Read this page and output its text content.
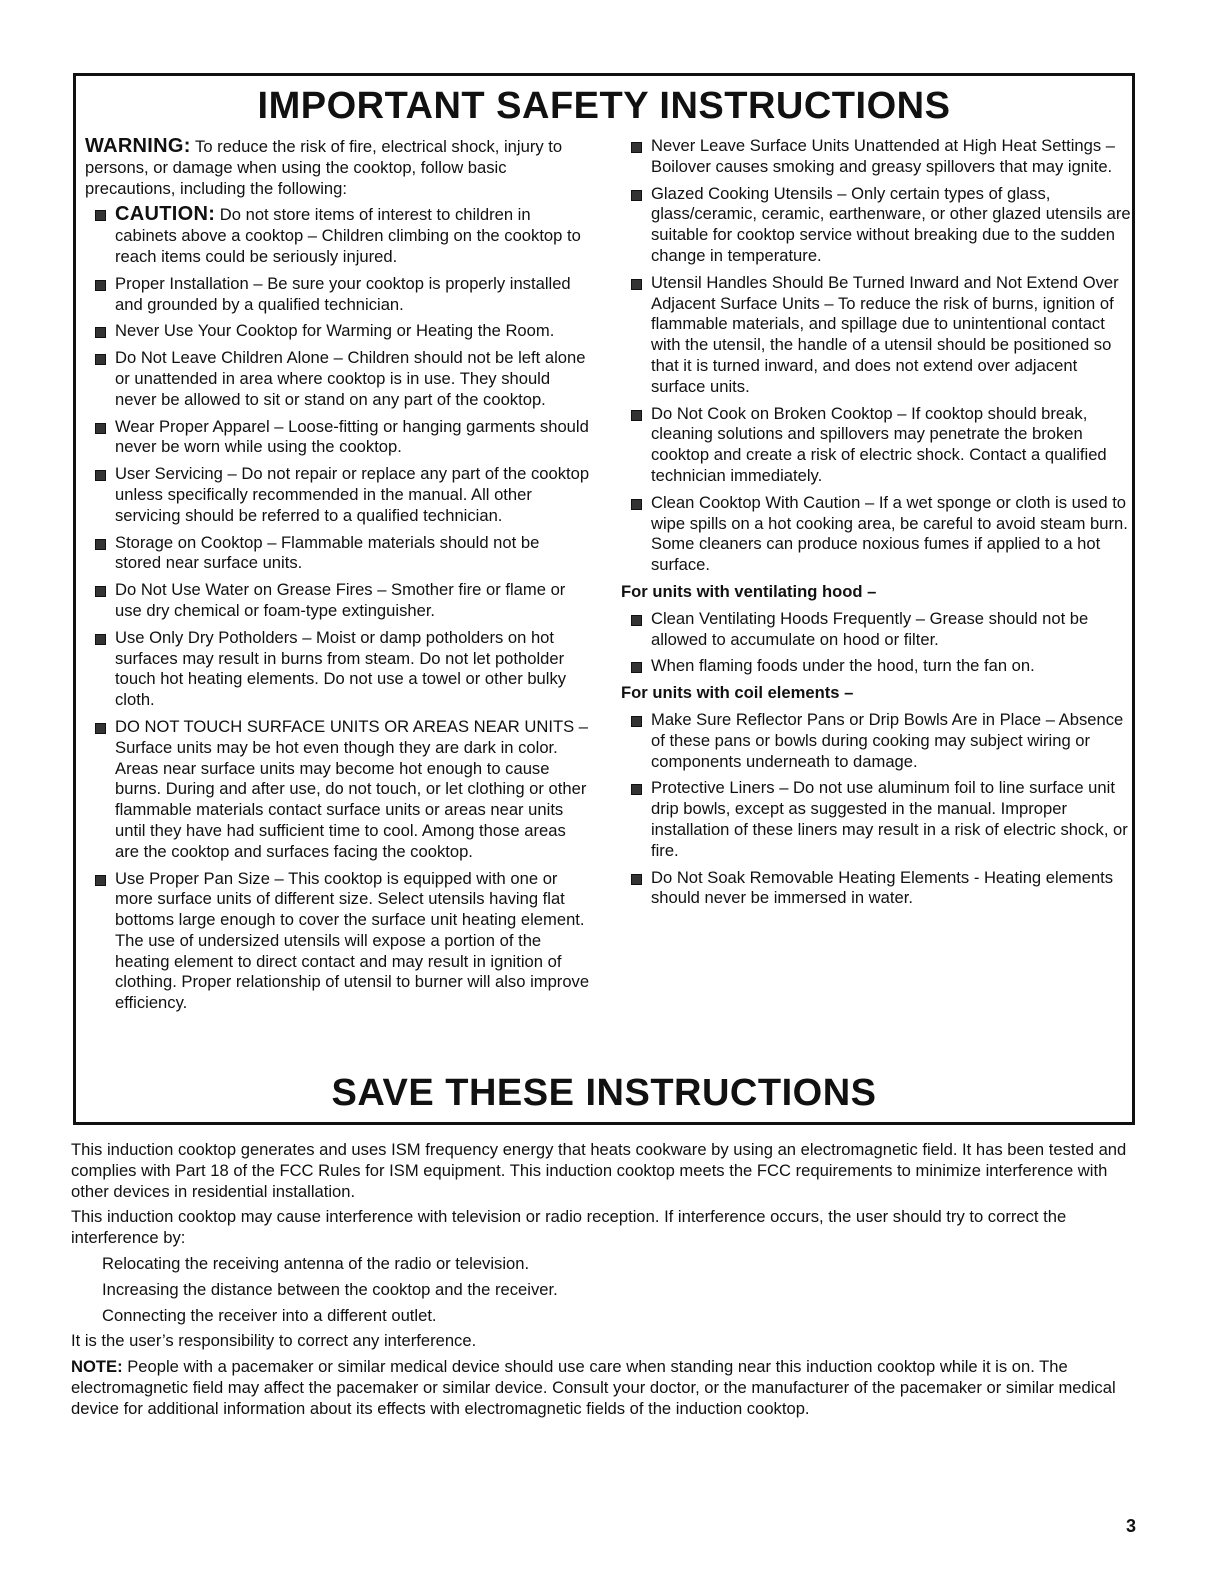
IMPORTANT SAFETY INSTRUCTIONS

WARNING: To reduce the risk of fire, electrical shock, injury to persons, or damage when using the cooktop, follow basic precautions, including the following:

CAUTION: Do not store items of interest to children in cabinets above a cooktop – Children climbing on the cooktop to reach items could be seriously injured.
Proper Installation – Be sure your cooktop is properly installed and grounded by a qualified technician.
Never Use Your Cooktop for Warming or Heating the Room.
Do Not Leave Children Alone – Children should not be left alone or unattended in area where cooktop is in use. They should never be allowed to sit or stand on any part of the cooktop.
Wear Proper Apparel – Loose-fitting or hanging garments should never be worn while using the cooktop.
User Servicing – Do not repair or replace any part of the cooktop unless specifically recommended in the manual. All other servicing should be referred to a qualified technician.
Storage on Cooktop – Flammable materials should not be stored near surface units.
Do Not Use Water on Grease Fires – Smother fire or flame or use dry chemical or foam-type extinguisher.
Use Only Dry Potholders – Moist or damp potholders on hot surfaces may result in burns from steam. Do not let potholder touch hot heating elements. Do not use a towel or other bulky cloth.
DO NOT TOUCH SURFACE UNITS OR AREAS NEAR UNITS – Surface units may be hot even though they are dark in color. Areas near surface units may become hot enough to cause burns. During and after use, do not touch, or let clothing or other flammable materials contact surface units or areas near units until they have had sufficient time to cool. Among those areas are the cooktop and surfaces facing the cooktop.
Use Proper Pan Size – This cooktop is equipped with one or more surface units of different size. Select utensils having flat bottoms large enough to cover the surface unit heating element. The use of undersized utensils will expose a portion of the heating element to direct contact and may result in ignition of clothing. Proper relationship of utensil to burner will also improve efficiency.
Never Leave Surface Units Unattended at High Heat Settings – Boilover causes smoking and greasy spillovers that may ignite.
Glazed Cooking Utensils – Only certain types of glass, glass/ceramic, ceramic, earthenware, or other glazed utensils are suitable for cooktop service without breaking due to the sudden change in temperature.
Utensil Handles Should Be Turned Inward and Not Extend Over Adjacent Surface Units – To reduce the risk of burns, ignition of flammable materials, and spillage due to unintentional contact with the utensil, the handle of a utensil should be positioned so that it is turned inward, and does not extend over adjacent surface units.
Do Not Cook on Broken Cooktop – If cooktop should break, cleaning solutions and spillovers may penetrate the broken cooktop and create a risk of electric shock. Contact a qualified technician immediately.
Clean Cooktop With Caution – If a wet sponge or cloth is used to wipe spills on a hot cooking area, be careful to avoid steam burn. Some cleaners can produce noxious fumes if applied to a hot surface.
For units with ventilating hood –
Clean Ventilating Hoods Frequently – Grease should not be allowed to accumulate on hood or filter.
When flaming foods under the hood, turn the fan on.
For units with coil elements –
Make Sure Reflector Pans or Drip Bowls Are in Place – Absence of these pans or bowls during cooking may subject wiring or components underneath to damage.
Protective Liners – Do not use aluminum foil to line surface unit drip bowls, except as suggested in the manual. Improper installation of these liners may result in a risk of electric shock, or fire.
Do Not Soak Removable Heating Elements - Heating elements should never be immersed in water.
SAVE THESE INSTRUCTIONS

This induction cooktop generates and uses ISM frequency energy that heats cookware by using an electromagnetic field. It has been tested and complies with Part 18 of the FCC Rules for ISM equipment. This induction cooktop meets the FCC requirements to minimize interference with other devices in residential installation.

This induction cooktop may cause interference with television or radio reception. If interference occurs, the user should try to correct the interference by:

Relocating the receiving antenna of the radio or television.

Increasing the distance between the cooktop and the receiver.

Connecting the receiver into a different outlet.

It is the user’s responsibility to correct any interference.

NOTE: People with a pacemaker or similar medical device should use care when standing near this induction cooktop while it is on. The electromagnetic field may affect the pacemaker or similar device. Consult your doctor, or the manufacturer of the pacemaker or similar medical device for additional information about its effects with electromagnetic fields of the induction cooktop.

3
